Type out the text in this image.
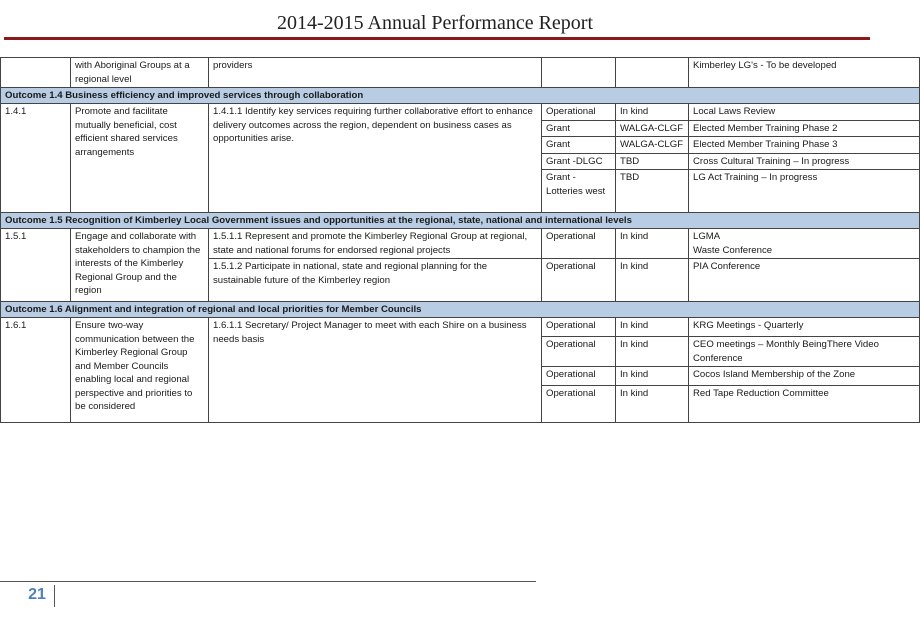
2014-2015 Annual Performance Report
	with Aboriginal Groups at a regional level	providers			Kimberley LG's - To be developed
Outcome 1.4 Business efficiency and improved services through collaboration					
1.4.1	Promote and facilitate mutually beneficial, cost efficient shared services arrangements	1.4.1.1 Identify key services requiring further collaborative effort to enhance delivery outcomes across the region, dependent on business cases as opportunities arise.	Operational	In kind	Local Laws Review
			Grant	WALGA-CLGF	Elected Member Training Phase 2
			Grant	WALGA-CLGF	Elected Member Training Phase 3
			Grant -DLGC	TBD	Cross Cultural Training – In progress
			Grant - Lotteries west	TBD	LG Act Training – In progress
Outcome 1.5 Recognition of Kimberley Local Government issues and opportunities at the regional, state, national and international levels					
1.5.1	Engage and collaborate with stakeholders to champion the interests of the Kimberley Regional Group and the region	1.5.1.1 Represent and promote the Kimberley Regional Group at regional, state and national forums for endorsed regional projects	Operational	In kind	LGMA
Waste Conference
		1.5.1.2 Participate in national, state and regional planning for the sustainable future of the Kimberley region	Operational	In kind	PIA Conference
Outcome 1.6 Alignment and integration of regional and local priorities for Member Councils					
1.6.1	Ensure two-way communication between the Kimberley Regional Group and Member Councils enabling local and regional perspective and priorities to be considered	1.6.1.1 Secretary/ Project Manager to meet with each Shire on a business needs basis	Operational	In kind	KRG Meetings - Quarterly
			Operational	In kind	CEO meetings – Monthly BeingThere Video Conference
			Operational	In kind	Cocos Island Membership of the Zone
			Operational	In kind	Red Tape Reduction Committee
21
